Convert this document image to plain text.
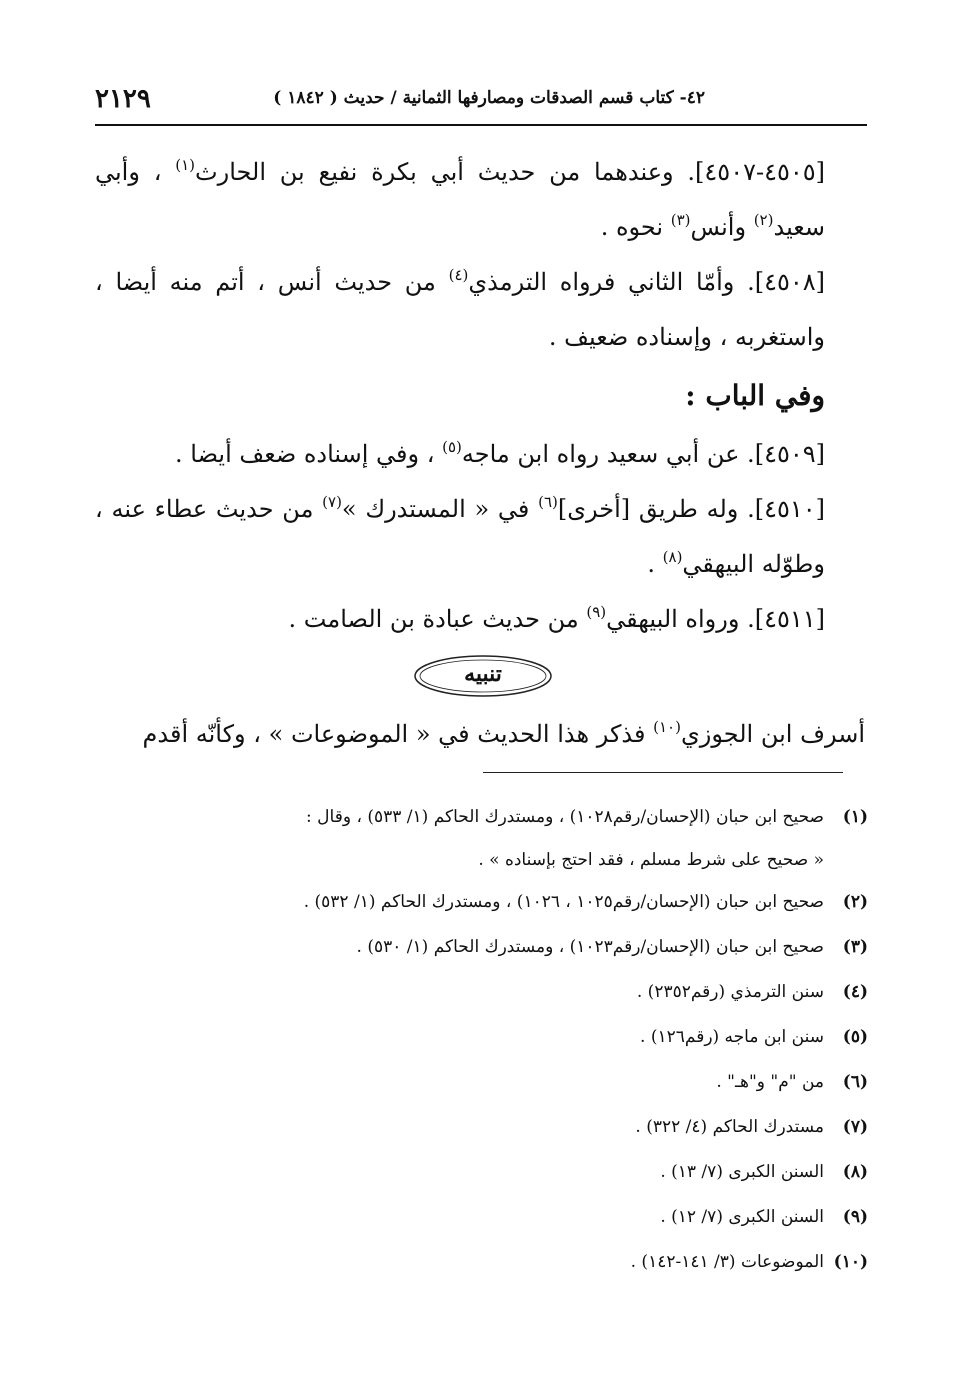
٤٢- كتاب قسم الصدقات ومصارفها الثمانية / حديث ( ١٨٤٢ )
٢١٢٩

[٤٥٠٥-٤٥٠٧]. وعندهما من حديث أبي بكرة نفيع بن الحارث$^{(١)}$ ، وأبي سعيد$^{(٢)}$ وأنس$^{(٣)}$ نحوه .

[٤٥٠٨]. وأمّا الثاني فرواه الترمذي$^{(٤)}$ من حديث أنس ، أتم منه أيضا ، واستغربه ، وإسناده ضعيف .

وفي الباب :

[٤٥٠٩]. عن أبي سعيد رواه ابن ماجه$^{(٥)}$ ، وفي إسناده ضعف أيضا .

[٤٥١٠]. وله طريق [أخرى]$^{(٦)}$ في « المستدرك »$^{(٧)}$ من حديث عطاء عنه ، وطوّله البيهقي$^{(٨)}$ .

[٤٥١١]. ورواه البيهقي$^{(٩)}$ من حديث عبادة بن الصامت .

تنبيه

أسرف ابن الجوزي$^{(١٠)}$ فذكر هذا الحديث في « الموضوعات » ، وكأنّه أقدم

(١)
صحيح ابن حبان (الإحسان/رقم١٠٢٨) ، ومستدرك الحاكم (١/ ٥٣٣) ، وقال :
« صحيح على شرط مسلم ، فقد احتج بإسناده » .
(٢)
صحيح ابن حبان (الإحسان/رقم١٠٢٥ ، ١٠٢٦) ، ومستدرك الحاكم (١/ ٥٣٢) .
(٣)
صحيح ابن حبان (الإحسان/رقم١٠٢٣) ، ومستدرك الحاكم (١/ ٥٣٠) .
(٤)
سنن الترمذي (رقم٢٣٥٢) .
(٥)
سنن ابن ماجه (رقم١٢٦) .
(٦)
من "م" و"هـ" .
(٧)
مستدرك الحاكم (٤/ ٣٢٢) .
(٨)
السنن الكبرى (٧/ ١٣) .
(٩)
السنن الكبرى (٧/ ١٢) .
(١٠)
الموضوعات (٣/ ١٤١-١٤٢) .
